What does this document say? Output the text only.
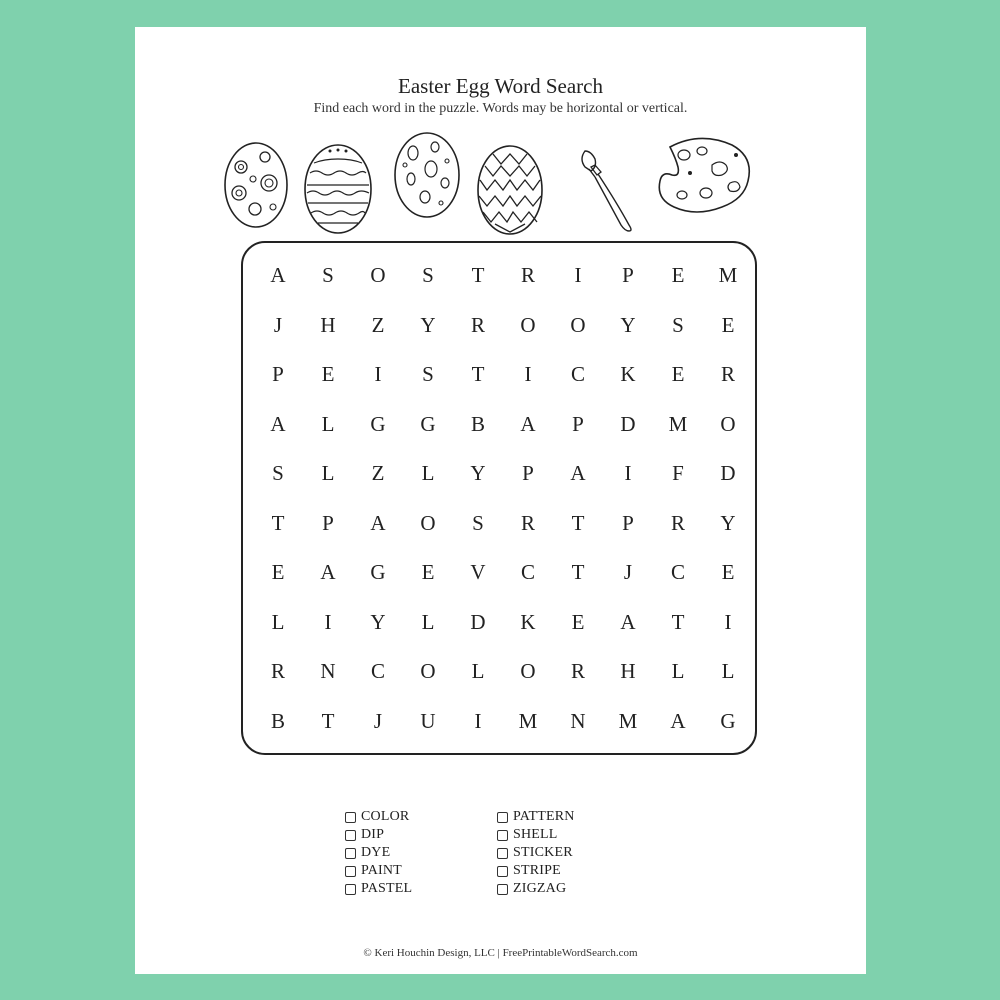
Easter Egg Word Search
Find each word in the puzzle. Words may be horizontal or vertical.
A S O S T R	I	P E M
J	H Z Y R O O Y S E
P E	I	S T	I	C K E R
A L G G B A P D M O
S L Z L Y P A	I	F D
T P A O S R T P R Y
E A G E V C T	J	C E
L	I	Y L D K E A T	I
R N C O L O R H L L
B T	J	U	I	M N M A G
COLOR
DIP
DYE
PAINT
PASTEL
PATTERN
SHELL
STICKER
STRIPE
ZIGZAG
© Keri Houchin Design, LLC | FreePrintableWordSearch.com
